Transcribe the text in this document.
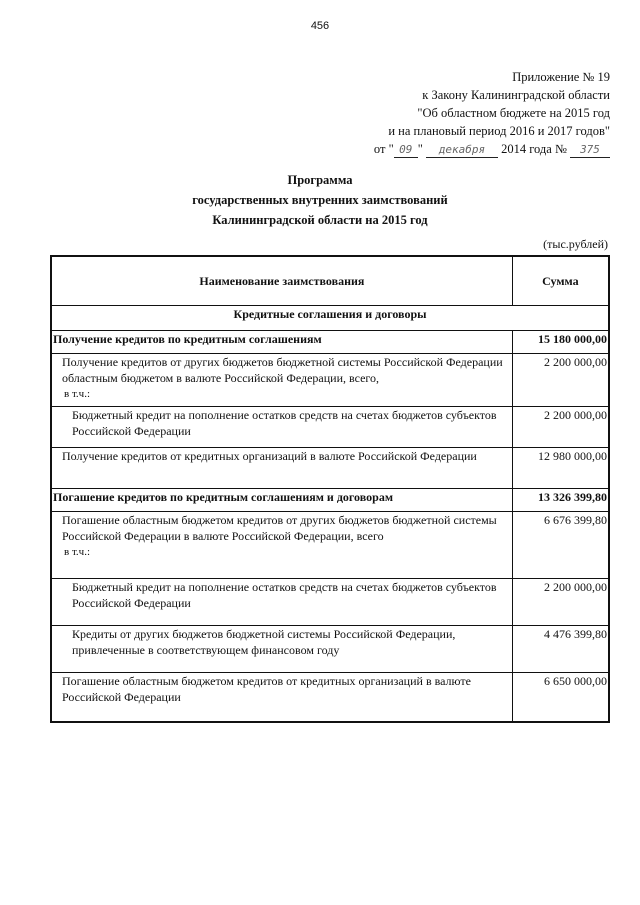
456
Приложение № 19
к Закону Калининградской области
"Об областном бюджете на 2015 год
и на плановый период 2016 и 2017 годов"
от " 09 " декабря 2014 года № 375
Программа
государственных внутренних заимствований
Калининградской области на 2015 год
(тыс.рублей)
Наименование заимствования	Сумма
Кредитные соглашения и договоры	
Получение кредитов по кредитным соглашениям	15 180 000,00
Получение кредитов от других бюджетов бюджетной системы Российской Федерации областным бюджетом в валюте Российской Федерации, всего,
в т.ч.:	2 200 000,00
Бюджетный кредит на пополнение остатков средств на счетах бюджетов субъектов Российской Федерации	2 200 000,00
Получение кредитов от кредитных организаций в валюте Российской Федерации	12 980 000,00
Погашение кредитов по кредитным соглашениям и договорам	13 326 399,80
Погашение областным бюджетом кредитов от других бюджетов бюджетной системы Российской Федерации в валюте Российской Федерации, всего
в т.ч.:	6 676 399,80
Бюджетный кредит на пополнение остатков средств на счетах бюджетов субъектов Российской Федерации	2 200 000,00
Кредиты от других бюджетов бюджетной системы Российской Федерации, привлеченные в соответствующем финансовом году	4 476 399,80
Погашение областным бюджетом кредитов от кредитных организаций в валюте Российской Федерации	6 650 000,00
